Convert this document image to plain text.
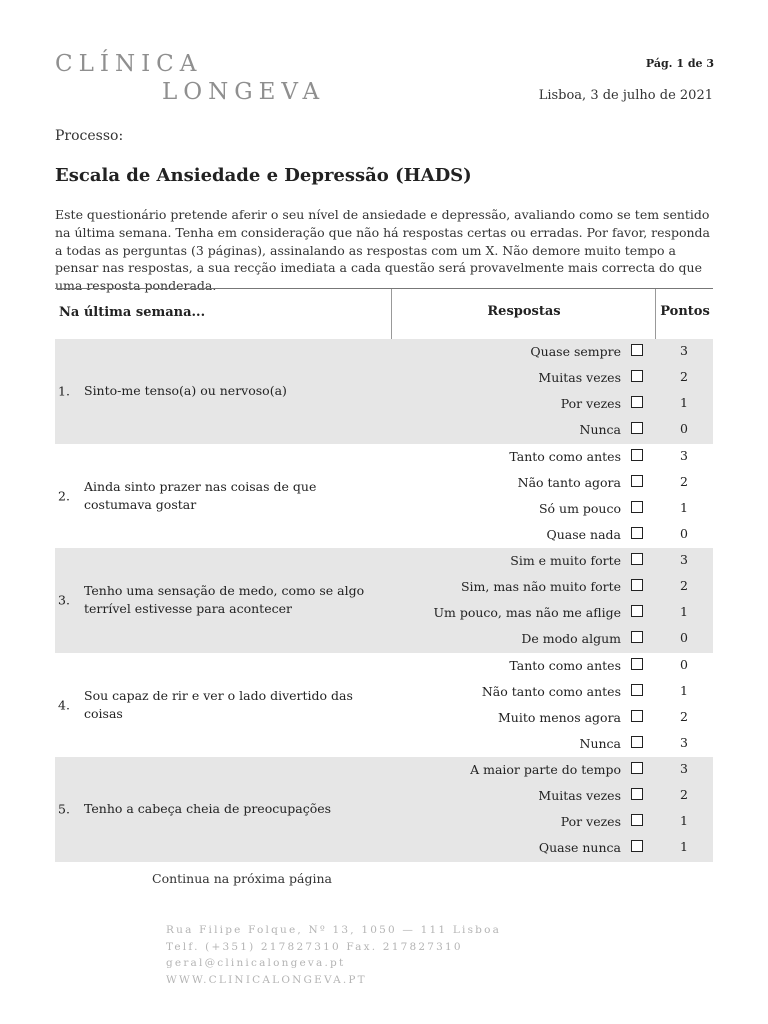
CLÍNICA
LONGEVA
Pág. 1 de 3
Lisboa, 3 de julho de 2021
Processo:
Escala de Ansiedade e Depressão (HADS)

Este questionário pretende aferir o seu nível de ansiedade e depressão, avaliando como se tem sentido na última semana. Tenha em consideração que não há respostas certas ou erradas. Por favor, responda a todas as perguntas (3 páginas), assinalando as respostas com um X. Não demore muito tempo a pensar nas respostas, a sua recção imediata a cada questão será provavelmente mais correcta do que uma resposta ponderada.

Na última semana...	Respostas	Pontos
1. Sinto-me tenso(a) ou nervoso(a)
Quase sempre	3
Muitas vezes	2
Por vezes	1
Nunca	0
2.
Ainda sinto prazer nas coisas de que costumava gostar
Tanto como antes	3
Não tanto agora	2
Só um pouco	1
Quase nada	0
3.
Tenho uma sensação de medo, como se algo terrível estivesse para acontecer
Sim e muito forte	3
Sim, mas não muito forte	2
Um pouco, mas não me aflige	1
De modo algum	0
4.
Sou capaz de rir e ver o lado divertido das coisas
Tanto como antes	0
Não tanto como antes	1
Muito menos agora	2
Nunca	3
5. Tenho a cabeça cheia de preocupações
A maior parte do tempo	3
Muitas vezes	2
Por vezes	1
Quase nunca	1
Continua na próxima página
Rua Filipe Folque, Nº 13, 1050 — 111 Lisboa
Telf. (+351) 217827310 Fax. 217827310
geral@clinicalongeva.pt
WWW.CLINICALONGEVA.PT
